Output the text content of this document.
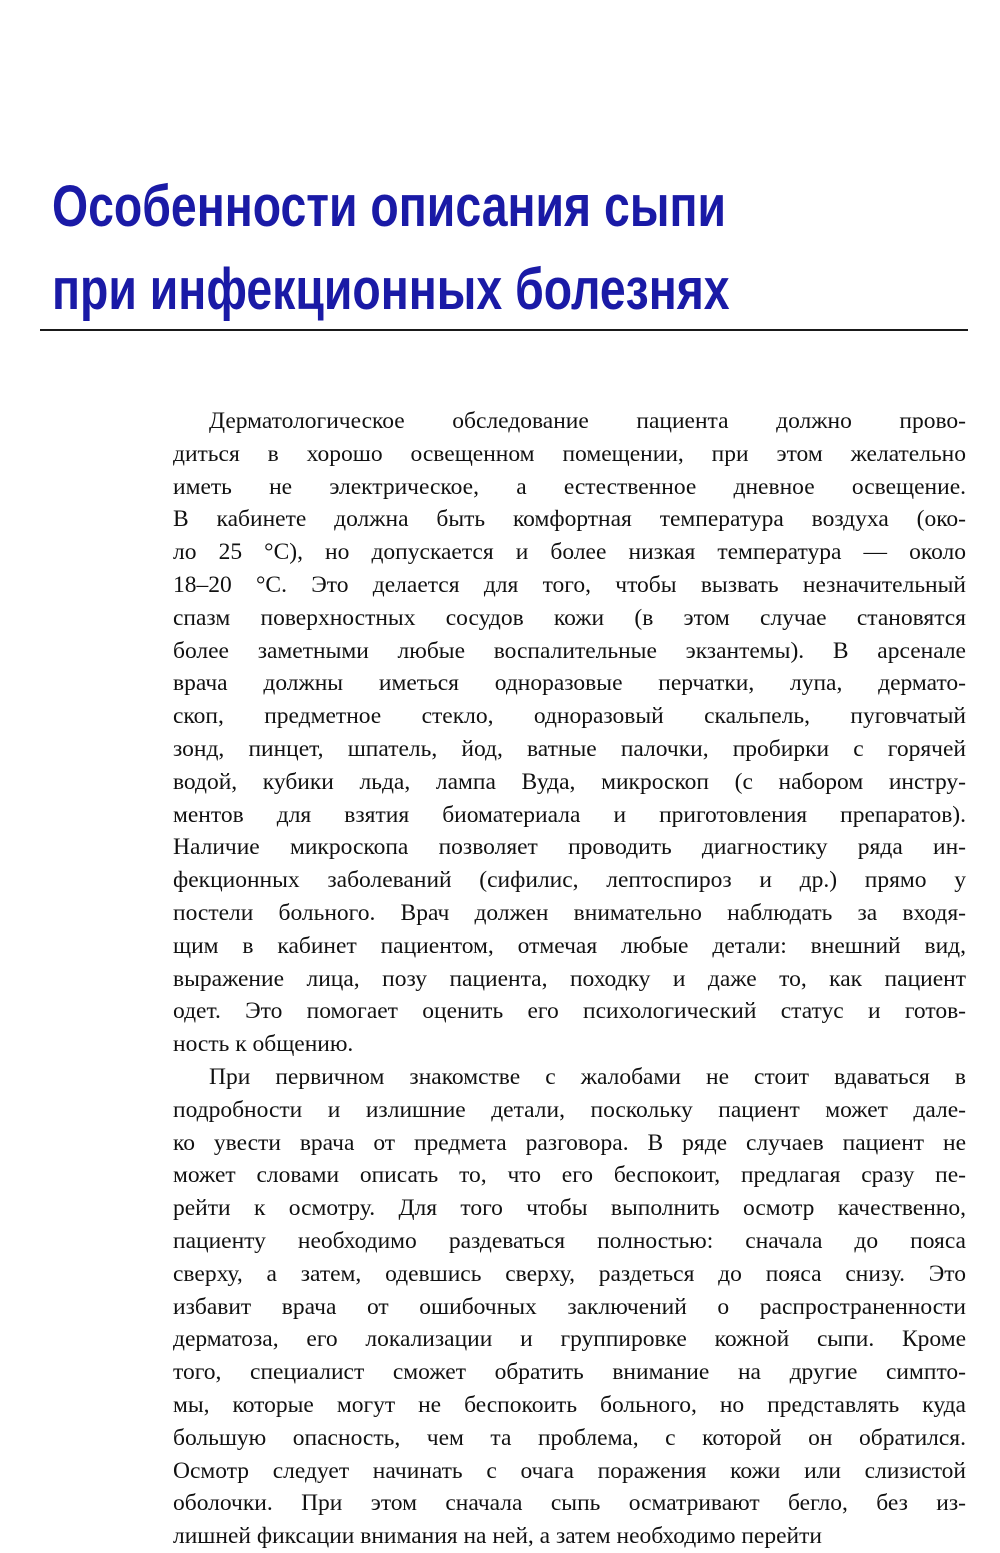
Особенности описания сыпи
при инфекционных болезнях

Дерматологическое обследование пациента должно прово-
диться в хорошо освещенном помещении, при этом желательно
иметь не электрическое, а естественное дневное освещение.
В кабинете должна быть комфортная температура воздуха (око-
ло 25 °С), но допускается и более низкая температура — около
18–20 °С. Это делается для того, чтобы вызвать незначительный
спазм поверхностных сосудов кожи (в этом случае становятся
более заметными любые воспалительные экзантемы). В арсенале
врача должны иметься одноразовые перчатки, лупа, дермато-
скоп, предметное стекло, одноразовый скальпель, пуговчатый
зонд, пинцет, шпатель, йод, ватные палочки, пробирки с горячей
водой, кубики льда, лампа Вуда, микроскоп (с набором инстру-
ментов для взятия биоматериала и приготовления препаратов).
Наличие микроскопа позволяет проводить диагностику ряда ин-
фекционных заболеваний (сифилис, лептоспироз и др.) прямо у
постели больного. Врач должен внимательно наблюдать за входя-
щим в кабинет пациентом, отмечая любые детали: внешний вид,
выражение лица, позу пациента, походку и даже то, как пациент
одет. Это помогает оценить его психологический статус и готов-
ность к общению.

При первичном знакомстве с жалобами не стоит вдаваться в
подробности и излишние детали, поскольку пациент может дале-
ко увести врача от предмета разговора. В ряде случаев пациент не
может словами описать то, что его беспокоит, предлагая сразу пе-
рейти к осмотру. Для того чтобы выполнить осмотр качественно,
пациенту необходимо раздеваться полностью: сначала до пояса
сверху, а затем, одевшись сверху, раздеться до пояса снизу. Это
избавит врача от ошибочных заключений о распространенности
дерматоза, его локализации и группировке кожной сыпи. Кроме
того, специалист сможет обратить внимание на другие симпто-
мы, которые могут не беспокоить больного, но представлять куда
большую опасность, чем та проблема, с которой он обратился.
Осмотр следует начинать с очага поражения кожи или слизистой
оболочки. При этом сначала сыпь осматривают бегло, без из-
лишней фиксации внимания на ней, а затем необходимо перейти
